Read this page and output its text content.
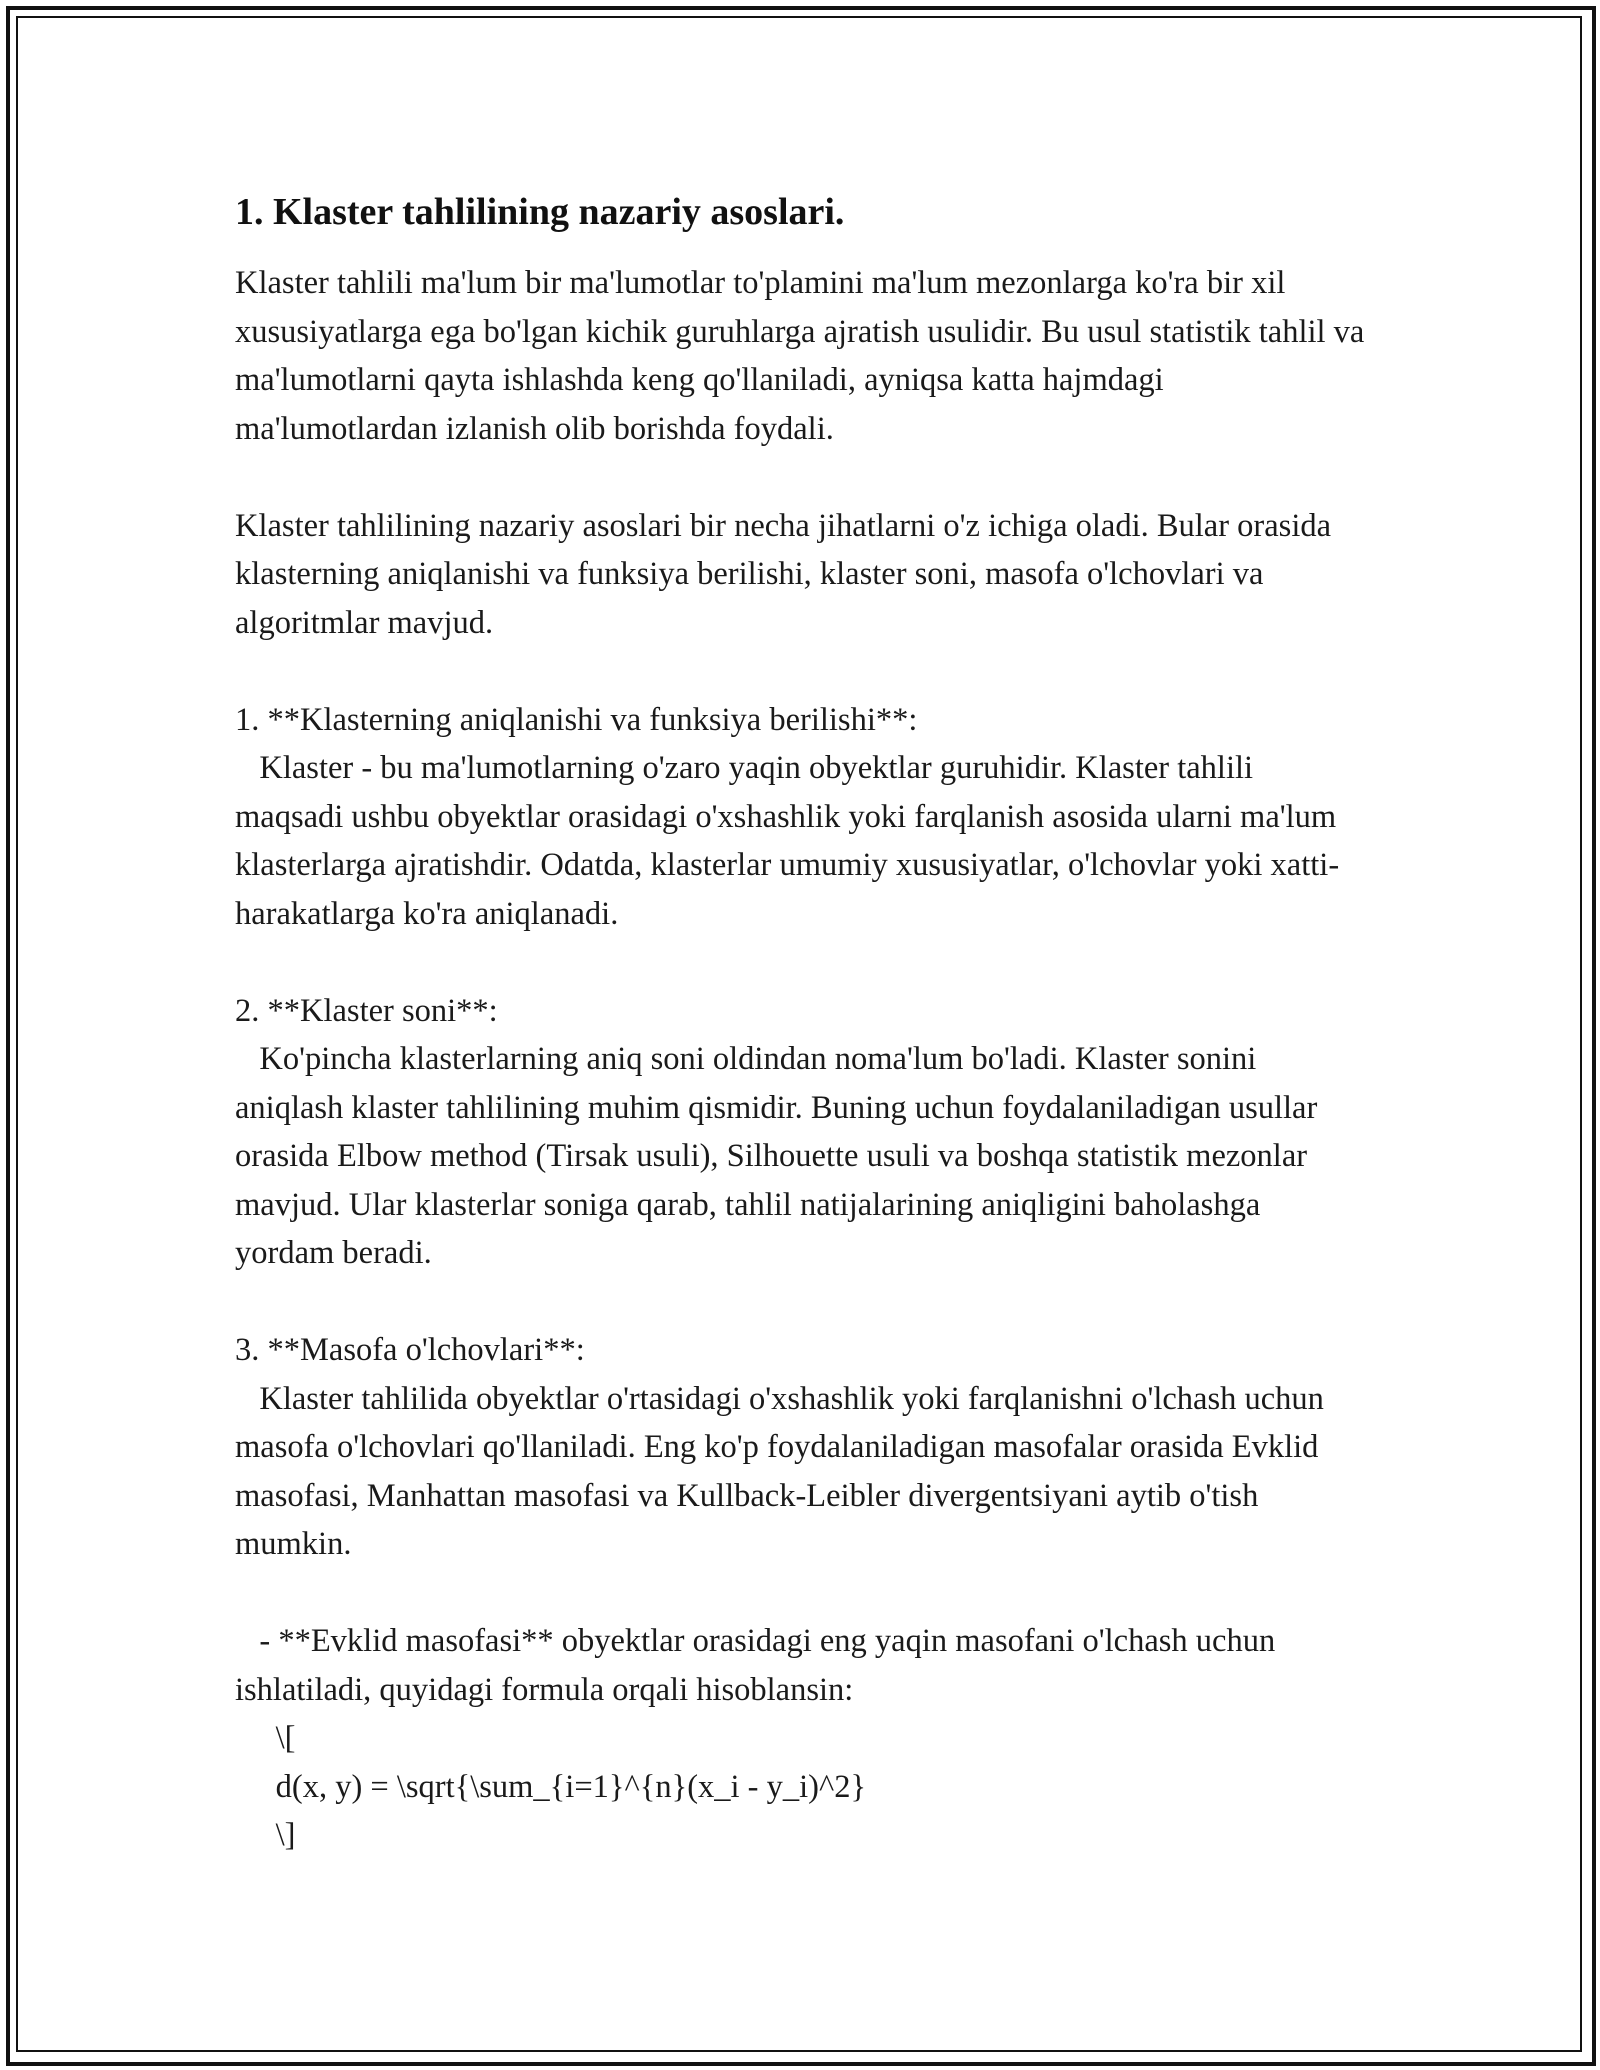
1. Klaster tahlilining nazariy asoslari.

Klaster tahlili ma'lum bir ma'lumotlar to'plamini ma'lum mezonlarga ko'ra bir xil xususiyatlarga ega bo'lgan kichik guruhlarga ajratish usulidir. Bu usul statistik tahlil va ma'lumotlarni qayta ishlashda keng qo'llaniladi, ayniqsa katta hajmdagi ma'lumotlardan izlanish olib borishda foydali.

Klaster tahlilining nazariy asoslari bir necha jihatlarni o'z ichiga oladi. Bular orasida klasterning aniqlanishi va funksiya berilishi, klaster soni, masofa o'lchovlari va algoritmlar mavjud.

1. **Klasterning aniqlanishi va funksiya berilishi**:
Klaster - bu ma'lumotlarning o'zaro yaqin obyektlar guruhidir. Klaster tahlili maqsadi ushbu obyektlar orasidagi o'xshashlik yoki farqlanish asosida ularni ma'lum klasterlarga ajratishdir. Odatda, klasterlar umumiy xususiyatlar, o'lchovlar yoki xatti-harakatlarga ko'ra aniqlanadi.

2. **Klaster soni**:
Ko'pincha klasterlarning aniq soni oldindan noma'lum bo'ladi. Klaster sonini aniqlash klaster tahlilining muhim qismidir. Buning uchun foydalaniladigan usullar orasida Elbow method (Tirsak usuli), Silhouette usuli va boshqa statistik mezonlar mavjud. Ular klasterlar soniga qarab, tahlil natijalarining aniqligini baholashga yordam beradi.

3. **Masofa o'lchovlari**:
Klaster tahlilida obyektlar o'rtasidagi o'xshashlik yoki farqlanishni o'lchash uchun masofa o'lchovlari qo'llaniladi. Eng ko'p foydalaniladigan masofalar orasida Evklid masofasi, Manhattan masofasi va Kullback-Leibler divergentsiyani aytib o'tish mumkin.

- **Evklid masofasi** obyektlar orasidagi eng yaqin masofani o'lchash uchun ishlatiladi, quyidagi formula orqali hisoblansin:
\[
d(x, y) = \sqrt{\sum_{i=1}^{n}(x_i - y_i)^2}
\]
